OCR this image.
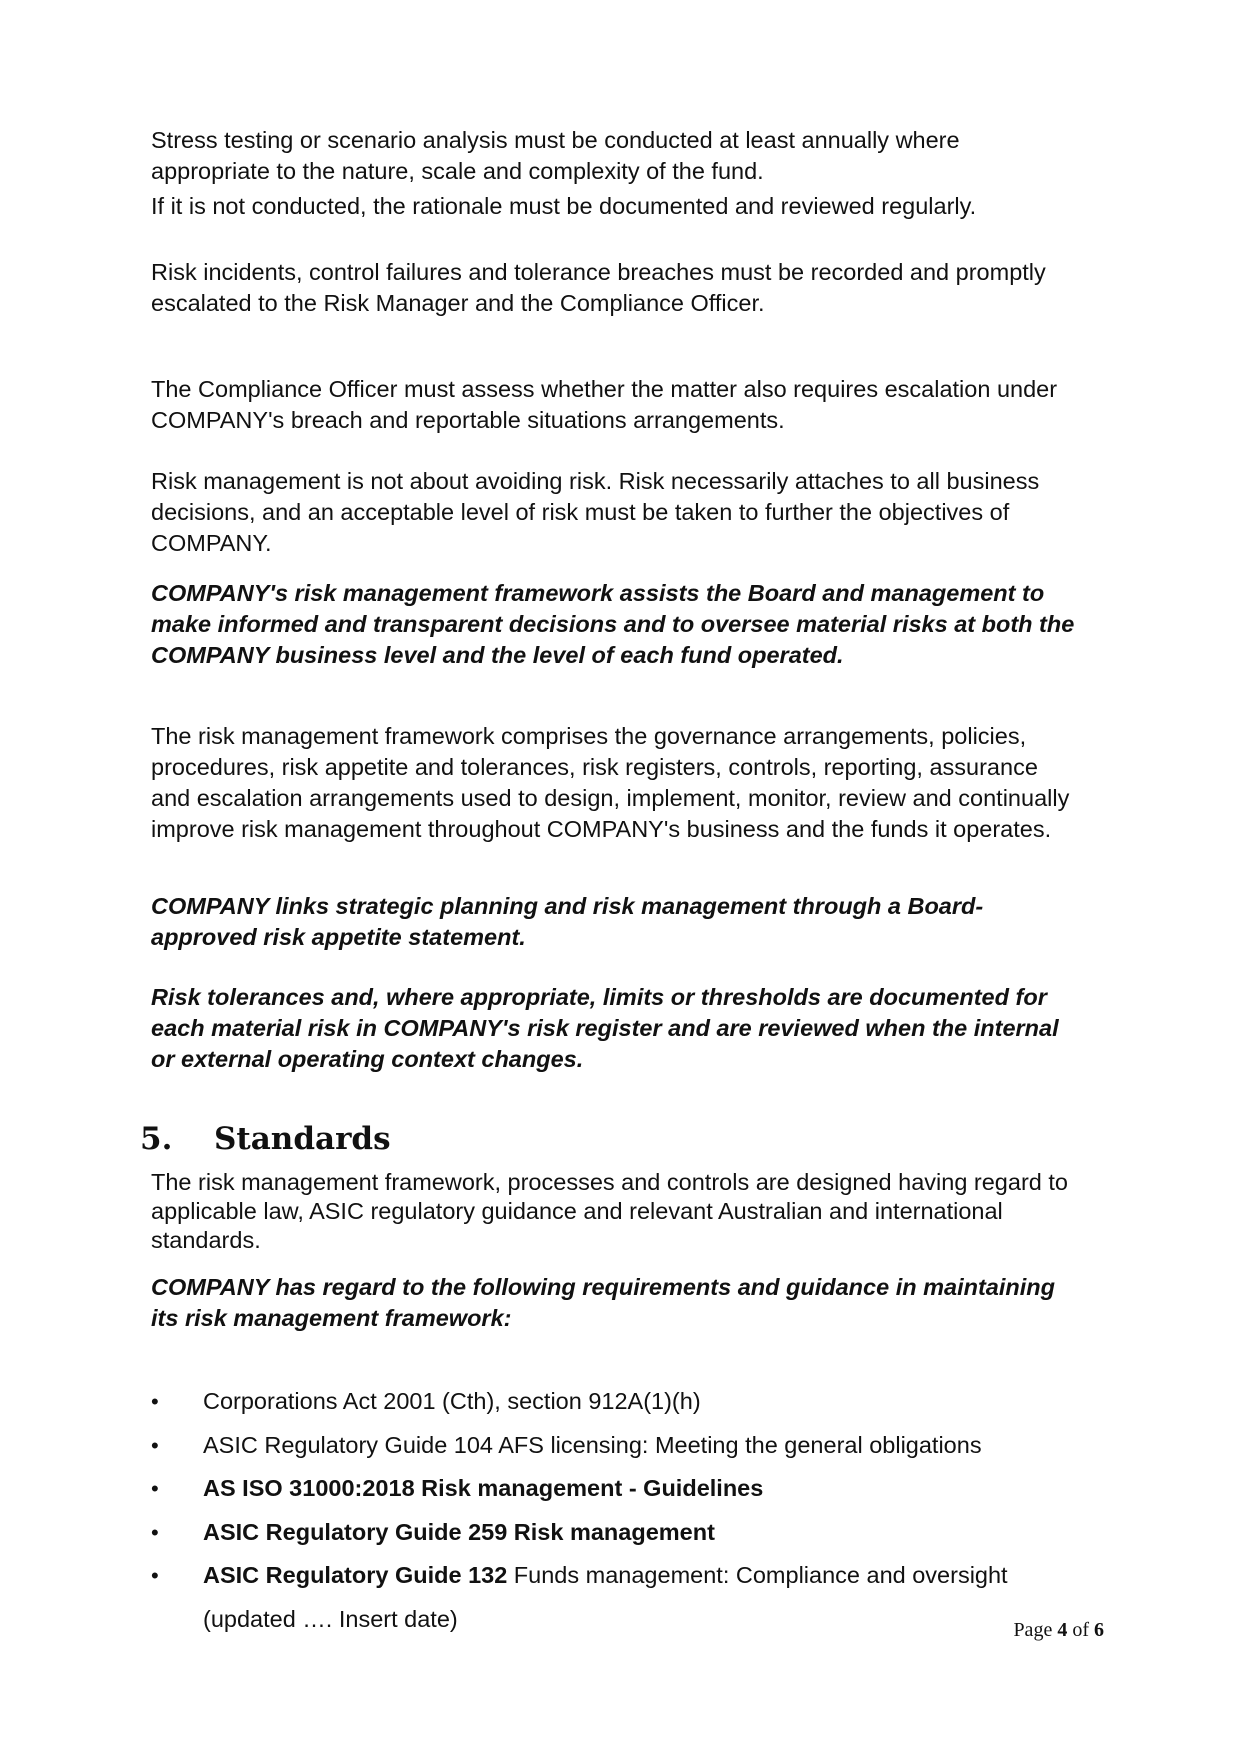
Stress testing or scenario analysis must be conducted at least annually where appropriate to the nature, scale and complexity of the fund.

If it is not conducted, the rationale must be documented and reviewed regularly.

Risk incidents, control failures and tolerance breaches must be recorded and promptly escalated to the Risk Manager and the Compliance Officer.

The Compliance Officer must assess whether the matter also requires escalation under COMPANY's breach and reportable situations arrangements.

Risk management is not about avoiding risk. Risk necessarily attaches to all business decisions, and an acceptable level of risk must be taken to further the objectives of COMPANY.

COMPANY's risk management framework assists the Board and management to make informed and transparent decisions and to oversee material risks at both the COMPANY business level and the level of each fund operated.

The risk management framework comprises the governance arrangements, policies, procedures, risk appetite and tolerances, risk registers, controls, reporting, assurance and escalation arrangements used to design, implement, monitor, review and continually improve risk management throughout COMPANY's business and the funds it operates.

COMPANY links strategic planning and risk management through a Board-approved risk appetite statement.

Risk tolerances and, where appropriate, limits or thresholds are documented for each material risk in COMPANY's risk register and are reviewed when the internal or external operating context changes.

5. Standards

The risk management framework, processes and controls are designed having regard to applicable law, ASIC regulatory guidance and relevant Australian and international standards.

COMPANY has regard to the following requirements and guidance in maintaining its risk management framework:

• Corporations Act 2001 (Cth), section 912A(1)(h)
• ASIC Regulatory Guide 104 AFS licensing: Meeting the general obligations
• AS ISO 31000:2018 Risk management - Guidelines
• ASIC Regulatory Guide 259 Risk management
• ASIC Regulatory Guide 132 Funds management: Compliance and oversight
(updated …. Insert date)	Page 4 of 6
